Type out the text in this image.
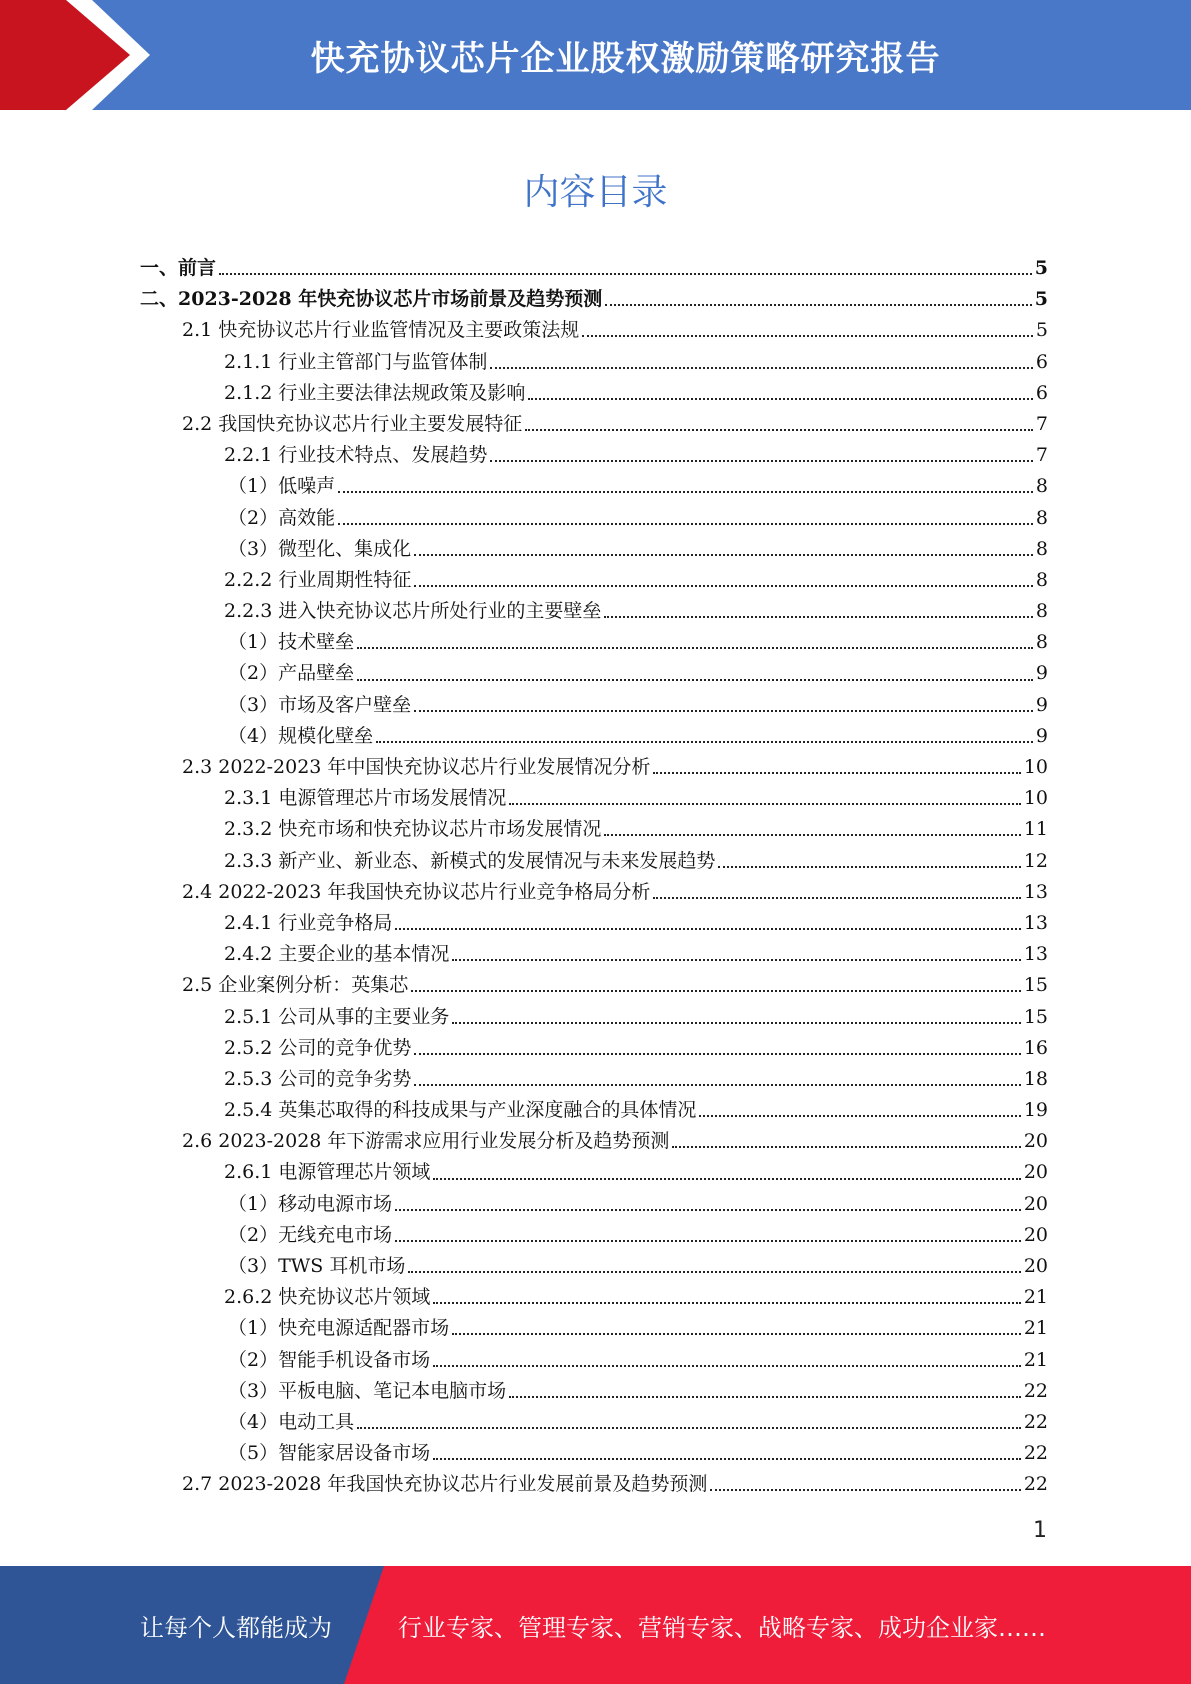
快充协议芯片企业股权激励策略研究报告
内容目录
一、前言	5
二、2023-2028 年快充协议芯片市场前景及趋势预测	5
2.1 快充协议芯片行业监管情况及主要政策法规	5
2.1.1 行业主管部门与监管体制	6
2.1.2 行业主要法律法规政策及影响	6
2.2 我国快充协议芯片行业主要发展特征	7
2.2.1 行业技术特点、发展趋势	7
（1）低噪声	8
（2）高效能	8
（3）微型化、集成化	8
2.2.2 行业周期性特征	8
2.2.3 进入快充协议芯片所处行业的主要壁垒	8
（1）技术壁垒	8
（2）产品壁垒	9
（3）市场及客户壁垒	9
（4）规模化壁垒	9
2.3 2022-2023 年中国快充协议芯片行业发展情况分析	10
2.3.1 电源管理芯片市场发展情况	10
2.3.2 快充市场和快充协议芯片市场发展情况	11
2.3.3 新产业、新业态、新模式的发展情况与未来发展趋势	12
2.4 2022-2023 年我国快充协议芯片行业竞争格局分析	13
2.4.1 行业竞争格局	13
2.4.2 主要企业的基本情况	13
2.5 企业案例分析：英集芯	15
2.5.1 公司从事的主要业务	15
2.5.2 公司的竞争优势	16
2.5.3 公司的竞争劣势	18
2.5.4 英集芯取得的科技成果与产业深度融合的具体情况	19
2.6 2023-2028 年下游需求应用行业发展分析及趋势预测	20
2.6.1 电源管理芯片领域	20
（1）移动电源市场	20
（2）无线充电市场	20
（3）TWS 耳机市场	20
2.6.2 快充协议芯片领域	21
（1）快充电源适配器市场	21
（2）智能手机设备市场	21
（3）平板电脑、笔记本电脑市场	22
（4）电动工具	22
（5）智能家居设备市场	22
2.7 2023-2028 年我国快充协议芯片行业发展前景及趋势预测	22
1
让每个人都能成为	行业专家、管理专家、营销专家、战略专家、成功企业家……
